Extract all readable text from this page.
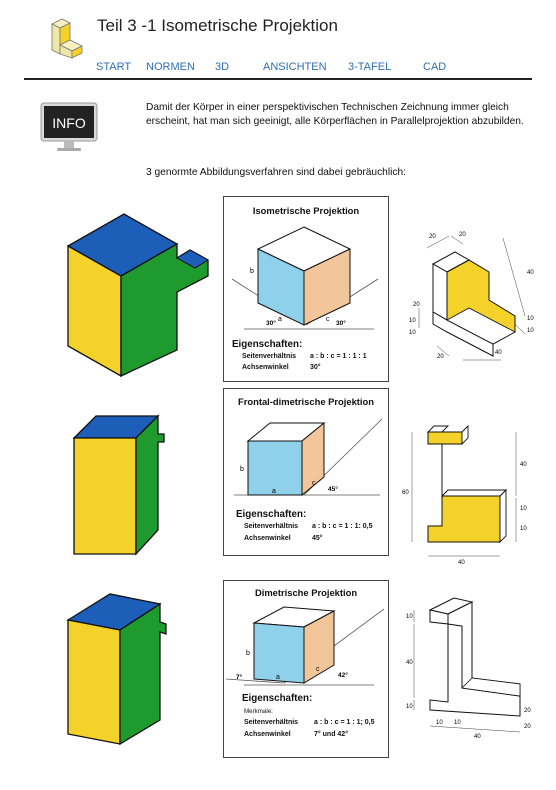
Teil 3 -1 Isometrische Projektion
START NORMEN 3D	ANSICHTEN 3-TAFEL	CAD
INFO
Damit der Körper in einer perspektivischen Technischen Zeichnung immer gleich erscheint, hat man sich geeinigt, alle Körperflächen in Parallelprojektion abzubilden.
3 genormte Abbildungsverfahren sind dabei gebräuchlich:
Isometrische Projektion
b
a	c
30°	30°
Eigenschaften:
Seitenverhältnis a : b : c = 1 : 1 : 1
Achsenwinkel	30°
20	20
40
10
10
20
40
20
10
10
Frontal-dimetrische Projektion
b
a
c
45°
Eigenschaften:
Seitenverhältnis a : b : c = 1 : 1: 0,5
Achsenwinkel	45°
40
10
10
60
40
Dimetrische Projektion
b
a
c
7°	42°
Eigenschaften:
Merkmale:
Seitenverhältnis a : b : c = 1 : 1; 0,5
Achsenwinkel	7° und 42°
10
40
10
10 10
20
40
20
